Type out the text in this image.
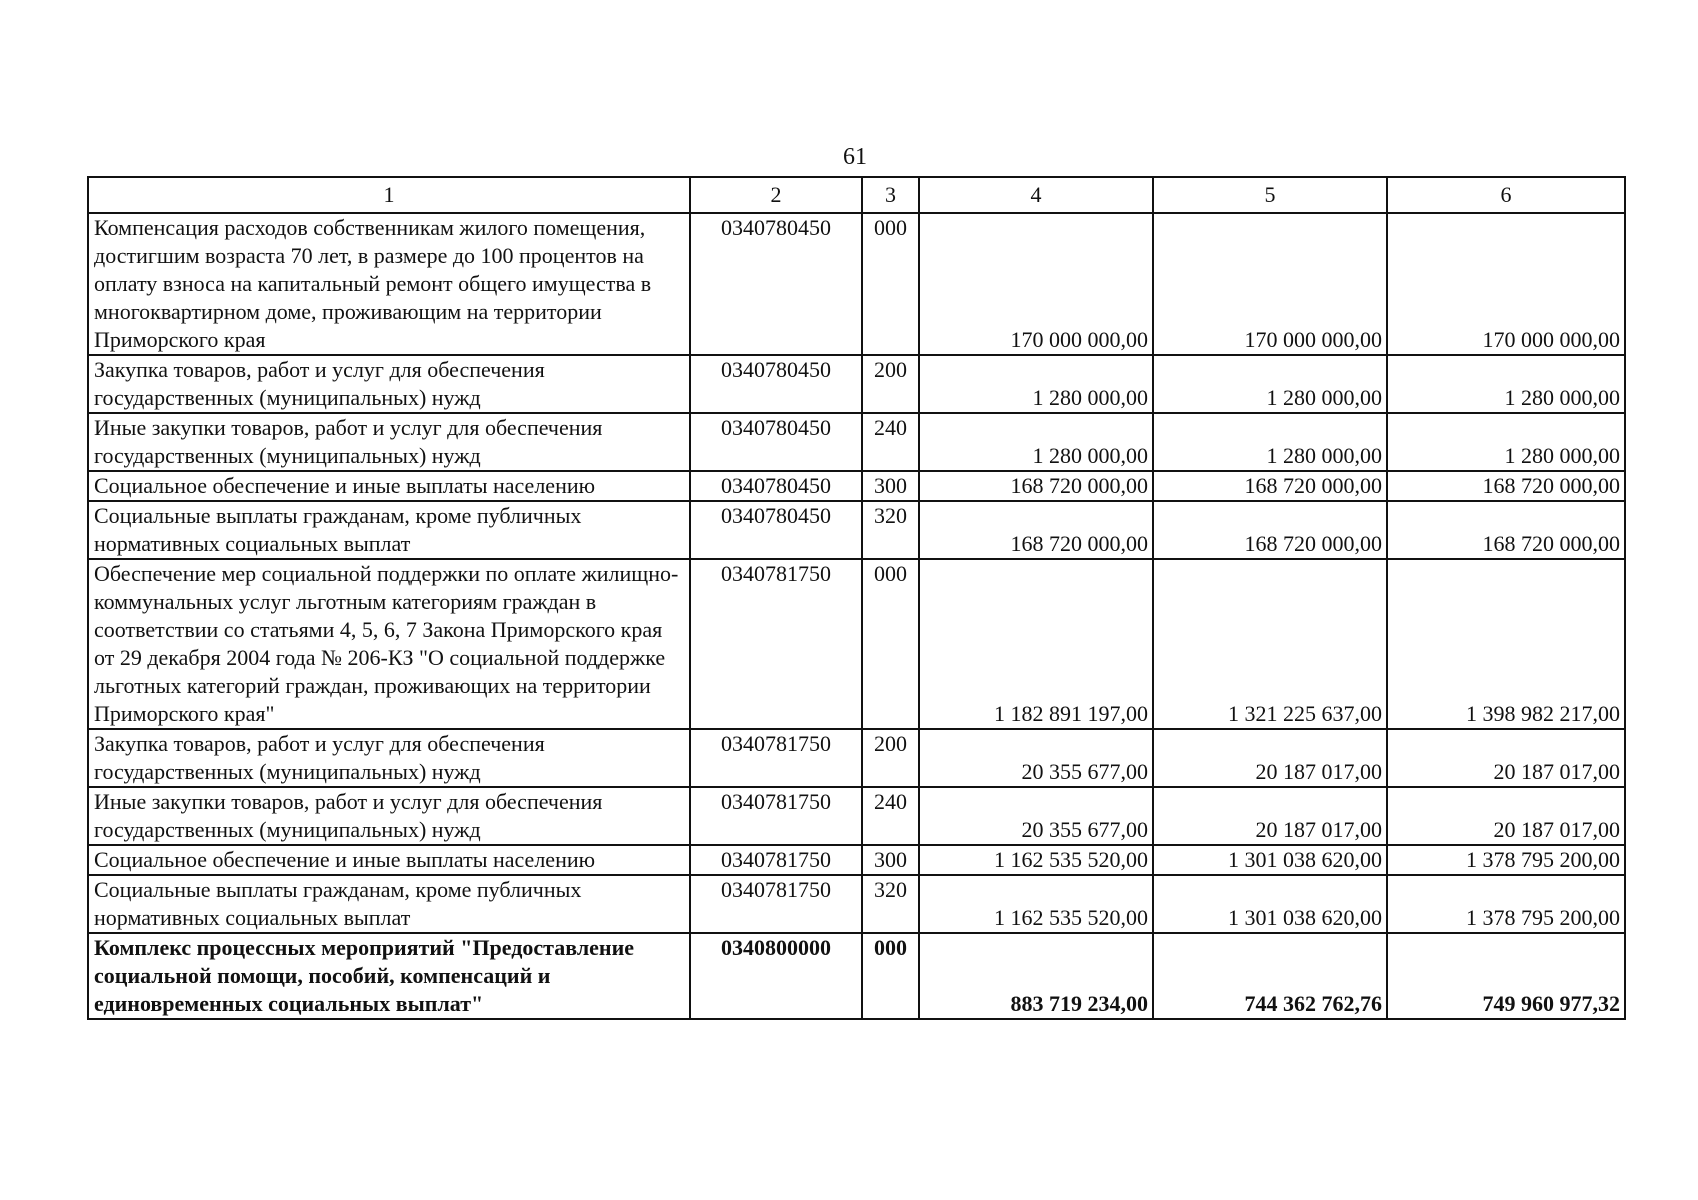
61
1	2	3	4	5	6
Компенсация расходов собственникам жилого помещения, достигшим возраста 70 лет, в размере до 100 процентов на оплату взноса на капитальный ремонт общего имущества в многоквартирном доме, проживающим на территории Приморского края	0340780450	000	170 000 000,00	170 000 000,00	170 000 000,00
Закупка товаров, работ и услуг для обеспечения государственных (муниципальных) нужд	0340780450	200	1 280 000,00	1 280 000,00	1 280 000,00
Иные закупки товаров, работ и услуг для обеспечения государственных (муниципальных) нужд	0340780450	240	1 280 000,00	1 280 000,00	1 280 000,00
Социальное обеспечение и иные выплаты населению	0340780450	300	168 720 000,00	168 720 000,00	168 720 000,00
Социальные выплаты гражданам, кроме публичных нормативных социальных выплат	0340780450	320	168 720 000,00	168 720 000,00	168 720 000,00
Обеспечение мер социальной поддержки по оплате жилищно-коммунальных услуг льготным категориям граждан в соответствии со статьями 4, 5, 6, 7 Закона Приморского края от 29 декабря 2004 года № 206-КЗ "О социальной поддержке льготных категорий граждан, проживающих на территории Приморского края"	0340781750	000	1 182 891 197,00	1 321 225 637,00	1 398 982 217,00
Закупка товаров, работ и услуг для обеспечения государственных (муниципальных) нужд	0340781750	200	20 355 677,00	20 187 017,00	20 187 017,00
Иные закупки товаров, работ и услуг для обеспечения государственных (муниципальных) нужд	0340781750	240	20 355 677,00	20 187 017,00	20 187 017,00
Социальное обеспечение и иные выплаты населению	0340781750	300	1 162 535 520,00	1 301 038 620,00	1 378 795 200,00
Социальные выплаты гражданам, кроме публичных нормативных социальных выплат	0340781750	320	1 162 535 520,00	1 301 038 620,00	1 378 795 200,00
Комплекс процессных мероприятий "Предоставление социальной помощи, пособий, компенсаций и единовременных социальных выплат"	0340800000	000	883 719 234,00	744 362 762,76	749 960 977,32
